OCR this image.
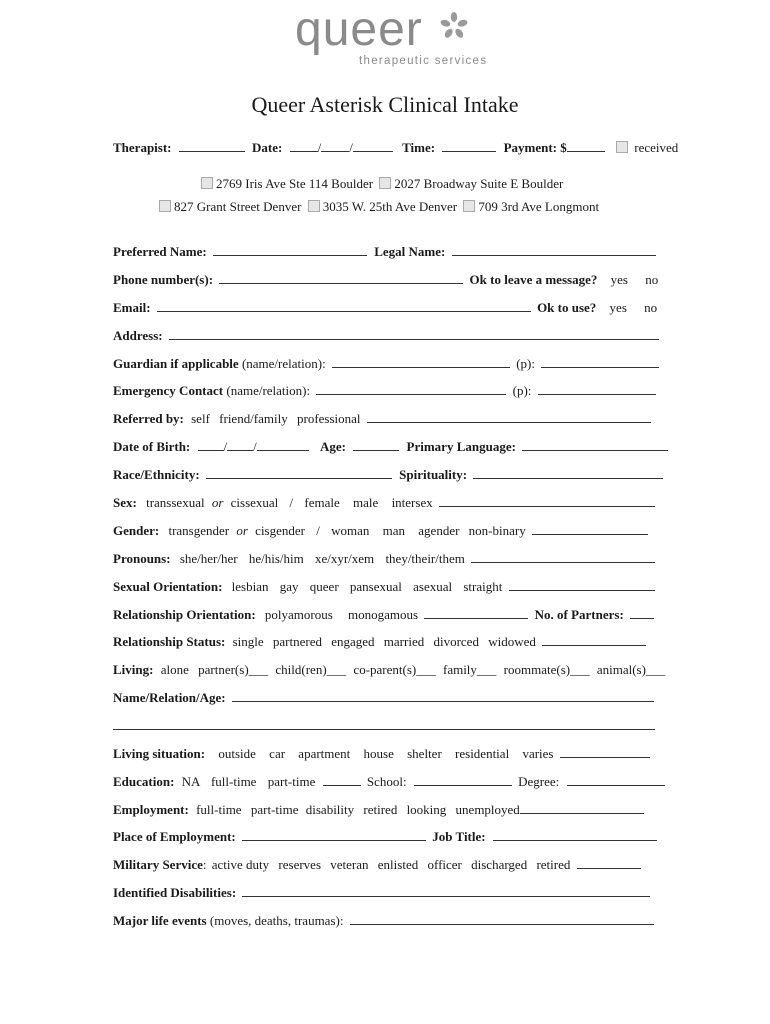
queer
therapeutic services
Queer Asterisk Clinical Intake
Therapist:	Date:	/ /	Time:	Payment: $	received
2769 Iris Ave Ste 114 Boulder 2027 Broadway Suite E Boulder
827 Grant Street Denver 3035 W. 25th Ave Denver 709 3rd Ave Longmont
Preferred Name:	Legal Name:
Phone number(s):	Ok to leave a message? yes no
Email:	Ok to use? yes no
Address:
Guardian if applicable (name/relation):	(p):
Emergency Contact (name/relation):	(p):
Referred by: self friend/family professional
Date of Birth:	/ /	Age:	Primary Language:
Race/Ethnicity:	Spirituality:
Sex: transsexual or cissexual / female male intersex
Gender: transgender or cisgender / woman man agender non-binary
Pronouns: she/her/her he/his/him xe/xyr/xem they/their/them
Sexual Orientation: lesbian gay queer pansexual asexual straight
Relationship Orientation: polyamorous monogamous	No. of Partners:
Relationship Status: single partnered engaged married divorced widowed
Living: alone partner(s)___ child(ren)___ co-parent(s)___ family___ roommate(s)___ animal(s)___
Name/Relation/Age:
Living situation: outside car apartment house shelter residential varies
Education: NA full-time part-time	School:	Degree:
Employment: full-time part-time disability retired looking unemployed
Place of Employment:	Job Title:
Military Service: active duty reserves veteran enlisted officer discharged retired
Identified Disabilities:
Major life events (moves, deaths, traumas):
